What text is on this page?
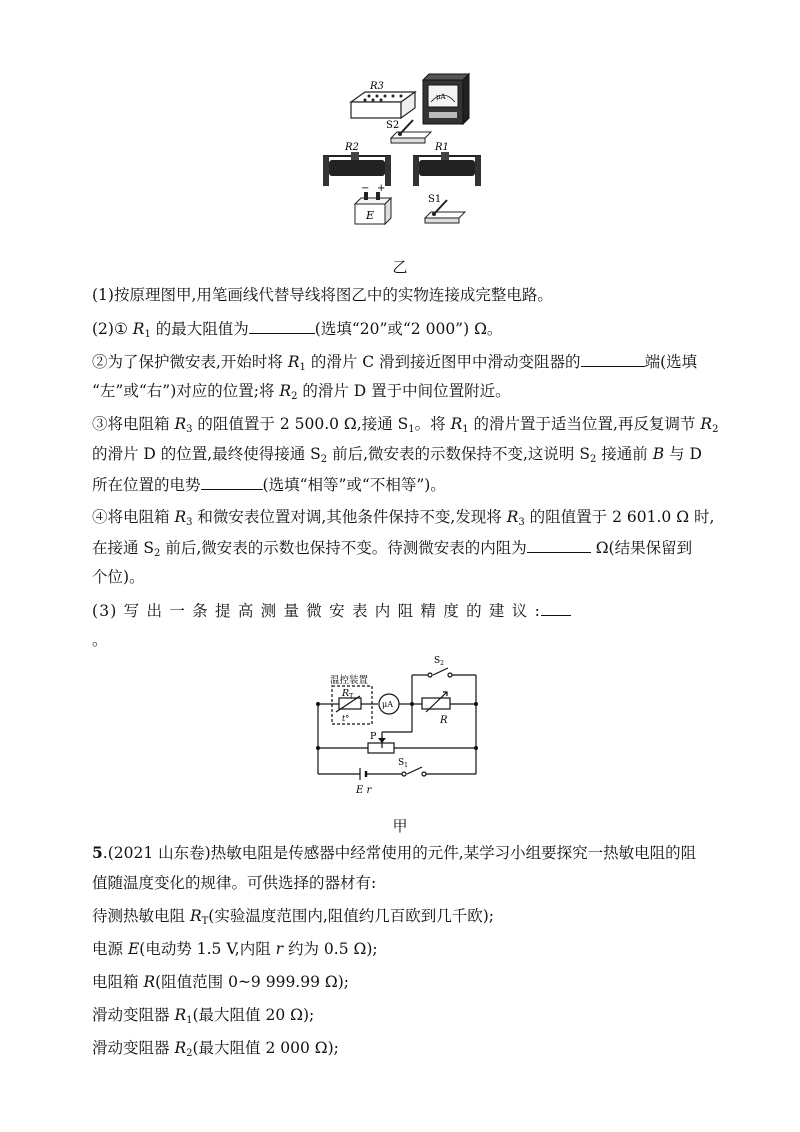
R3
μA
S2
R2	R1
− +
E
S1
乙
(1)按原理图甲,用笔画线代替导线将图乙中的实物连接成完整电路。
(2)① $R_1$ 的最大阻值为	(选填“20”或“2 000”) Ω。
②为了保护微安表,开始时将 $R_1$ 的滑片 C 滑到接近图甲中滑动变阻器的	端(选填
“左”或“右”)对应的位置;将 $R_2$ 的滑片 D 置于中间位置附近。
③将电阻箱 $R_3$ 的阻值置于 2 500.0 Ω,接通 $S_1$。将 $R_1$ 的滑片置于适当位置,再反复调节 $R_2$
的滑片 D 的位置,最终使得接通 $S_2$ 前后,微安表的示数保持不变,这说明 $S_2$ 接通前 B 与 D
所在位置的电势	(选填“相等”或“不相等”)。
④将电阻箱 $R_3$ 和微安表位置对调,其他条件保持不变,发现将 $R_3$ 的阻值置于 2 601.0 Ω 时,
在接通 $S_2$ 前后,微安表的示数也保持不变。待测微安表的内阻为	Ω(结果保留到
个位)。
(3) 写 出 一 条 提 高 测 量 微 安 表 内 阻 精 度 的 建 议 :
。
温控装置
R T
t°
μA
R
$S_2$
P
$S_1$
E r
甲
5.(2021 山东卷)热敏电阻是传感器中经常使用的元件,某学习小组要探究一热敏电阻的阻
值随温度变化的规律。可供选择的器材有:
待测热敏电阻 $R_T$(实验温度范围内,阻值约几百欧到几千欧);
电源 E(电动势 1.5 V,内阻 r 约为 0.5 Ω);
电阻箱 R(阻值范围 0~9 999.99 Ω);
滑动变阻器 $R_1$(最大阻值 20 Ω);
滑动变阻器 $R_2$(最大阻值 2 000 Ω);
